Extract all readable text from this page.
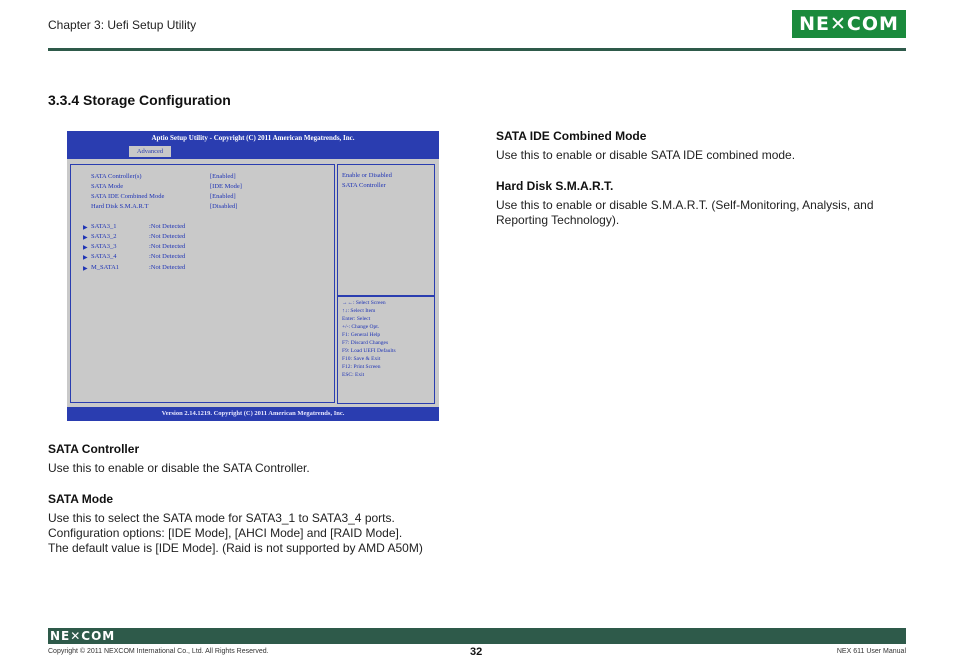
Chapter 3: Uefi Setup Utility	NE✕COM
3.3.4 Storage Configuration
Aptio Setup Utility - Copyright (C) 2011 American Megatrends, Inc.
Advanced
SATA Controller(s)	[Enabled]
SATA Mode	[IDE Mode]
SATA IDE Combined Mode	[Enabled]
Hard Disk S.M.A.R.T	[Disabled]
▶ SATA3_1	:Not Detected
▶ SATA3_2	:Not Detected
▶ SATA3_3	:Not Detected
▶ SATA3_4	:Not Detected
▶ M_SATA1	:Not Detected
Enable or Disabled
SATA Controller
→←: Select Screen
↑↓: Select Item
Enter: Select
+/-: Change Opt.
F1: General Help
F7: Discard Changes
F9: Load UEFI Defaults
F10: Save & Exit
F12: Print Screen
ESC: Exit
Version 2.14.1219. Copyright (C) 2011 American Megatrends, Inc.
SATA IDE Combined Mode
Use this to enable or disable SATA IDE combined mode.
Hard Disk S.M.A.R.T.
Use this to enable or disable S.M.A.R.T. (Self-Monitoring, Analysis, and
Reporting Technology).
SATA Controller
Use this to enable or disable the SATA Controller.
SATA Mode
Use this to select the SATA mode for SATA3_1 to SATA3_4 ports.
Configuration options: [IDE Mode], [AHCI Mode] and [RAID Mode].
The default value is [IDE Mode]. (Raid is not supported by AMD A50M)
NE✕COM
Copyright © 2011 NEXCOM International Co., Ltd. All Rights Reserved.	32	NEX 611 User Manual
